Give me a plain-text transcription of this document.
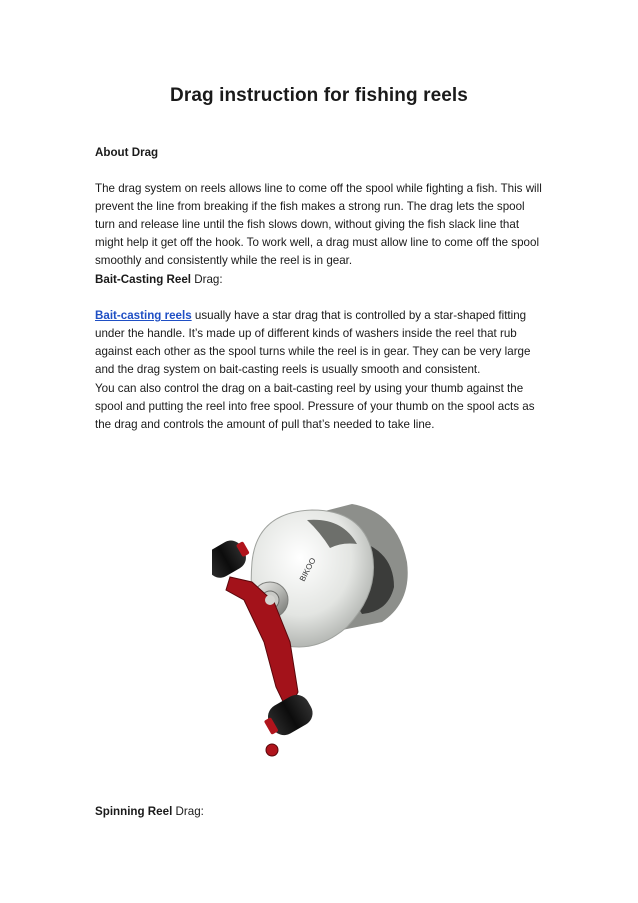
Drag instruction for fishing reels

About Drag

The drag system on reels allows line to come off the spool while fighting a fish. This will prevent the line from breaking if the fish makes a strong run. The drag lets the spool turn and release line until the fish slows down, without giving the fish slack line that might help it get off the hook. To work well, a drag must allow line to come off the spool smoothly and consistently while the reel is in gear.

Bait-Casting Reel Drag:

Bait-casting reels usually have a star drag that is controlled by a star-shaped fitting under the handle. It’s made up of different kinds of washers inside the reel that rub against each other as the spool turns while the reel is in gear. They can be very large and the drag system on bait-casting reels is usually smooth and consistent.

You can also control the drag on a bait-casting reel by using your thumb against the spool and putting the reel into free spool. Pressure of your thumb on the spool acts as the drag and controls the amount of pull that’s needed to take line.

BIKOO

Spinning Reel Drag:
